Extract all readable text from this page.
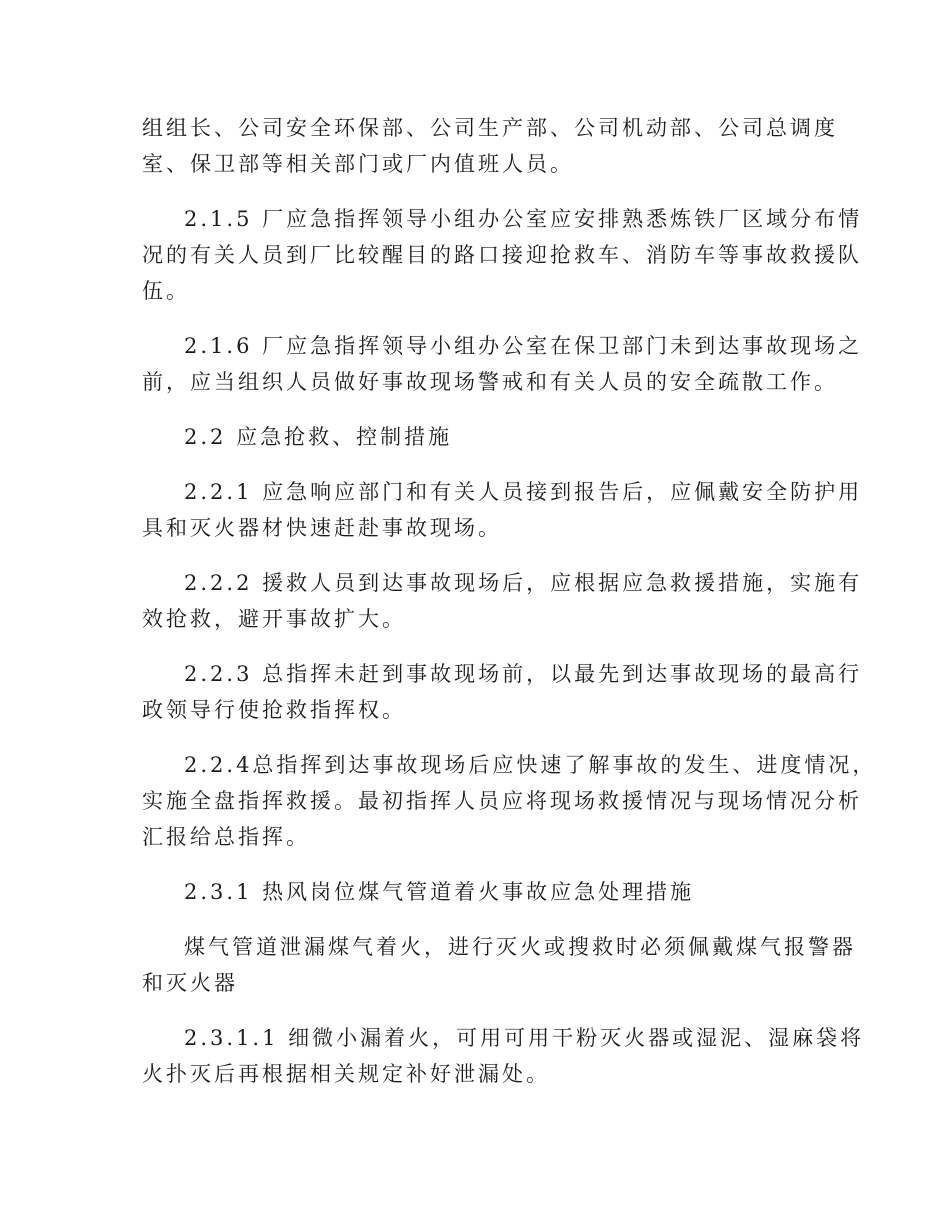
组组长、公司安全环保部、公司生产部、公司机动部、公司总调度
室、保卫部等相关部门或厂内值班人员。

2.1.5 厂应急指挥领导小组办公室应安排熟悉炼铁厂区域分布情
况的有关人员到厂比较醒目的路口接迎抢救车、消防车等事故救援队
伍。

2.1.6 厂应急指挥领导小组办公室在保卫部门未到达事故现场之
前，应当组织人员做好事故现场警戒和有关人员的安全疏散工作。

2.2 应急抢救、控制措施

2.2.1 应急响应部门和有关人员接到报告后，应佩戴安全防护用
具和灭火器材快速赶赴事故现场。

2.2.2 援救人员到达事故现场后，应根据应急救援措施，实施有
效抢救，避开事故扩大。

2.2.3 总指挥未赶到事故现场前，以最先到达事故现场的最高行
政领导行使抢救指挥权。

2.2.4总指挥到达事故现场后应快速了解事故的发生、进度情况，
实施全盘指挥救援。最初指挥人员应将现场救援情况与现场情况分析
汇报给总指挥。

2.3.1 热风岗位煤气管道着火事故应急处理措施

煤气管道泄漏煤气着火，进行灭火或搜救时必须佩戴煤气报警器
和灭火器

2.3.1.1 细微小漏着火，可用可用干粉灭火器或湿泥、湿麻袋将
火扑灭后再根据相关规定补好泄漏处。
